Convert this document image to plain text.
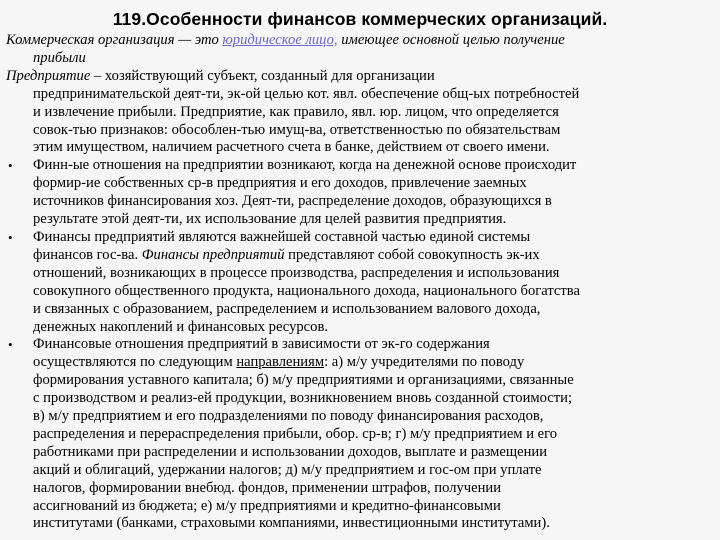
119.Особенности финансов коммерческих организаций.
Коммерческая организация — это юридическое лицо, имеющее основной целью получение
прибыли
Предприятие – хозяйствующий субъект, созданный для организации
предпринимательской деят-ти, эк-ой целью кот. явл. обеспечение общ-ых потребностей
и извлечение прибыли. Предприятие, как правило, явл. юр. лицом, что определяется
совок-тью признаков: обособлен-тью имущ-ва, ответственностью по обязательствам
этим имуществом, наличием расчетного счета в банке, действием от своего имени.
• Финн-ые отношения на предприятии возникают, когда на денежной основе происходит
формир-ие собственных ср-в предприятия и его доходов, привлечение заемных
источников финансирования хоз. Деят-ти, распределение доходов, образующихся в
результате этой деят-ти, их использование для целей развития предприятия.
• Финансы предприятий являются важнейшей составной частью единой системы
финансов гос-ва. Финансы предприятий представляют собой совокупность эк-их
отношений, возникающих в процессе производства, распределения и использования
совокупного общественного продукта, национального дохода, национального богатства
и связанных с образованием, распределением и использованием валового дохода,
денежных накоплений и финансовых ресурсов.
• Финансовые отношения предприятий в зависимости от эк-го содержания
осуществляются по следующим направлениям: а) м/у учредителями по поводу
формирования уставного капитала; б) м/у предприятиями и организациями, связанные
с производством и реализ-ей продукции, возникновением вновь созданной стоимости;
в) м/у предприятием и его подразделениями по поводу финансирования расходов,
распределения и перераспределения прибыли, обор. ср-в; г) м/у предприятием и его
работниками при распределении и использовании доходов, выплате и размещении
акций и облигаций, удержании налогов; д) м/у предприятием и гос-ом при уплате
налогов, формировании внебюд. фондов, применении штрафов, получении
ассигнований из бюджета; е) м/у предприятиями и кредитно-финансовыми
институтами (банками, страховыми компаниями, инвестиционными институтами).
